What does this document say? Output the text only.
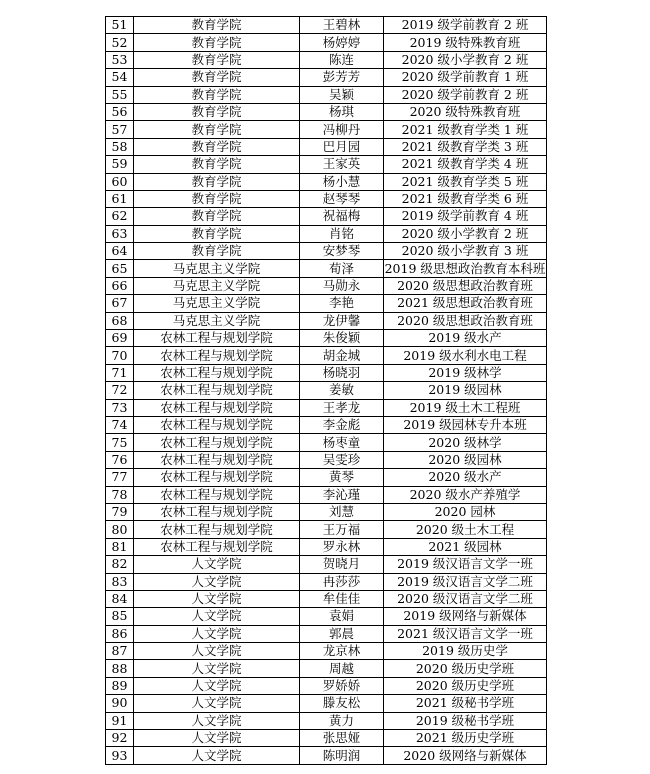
51	教育学院	王碧林	2019 级学前教育 2 班
52	教育学院	杨婷婷	2019 级特殊教育班
53	教育学院	陈连	2020 级小学教育 2 班
54	教育学院	彭芳芳	2020 级学前教育 1 班
55	教育学院	吴颖	2020 级学前教育 2 班
56	教育学院	杨琪	2020 级特殊教育班
57	教育学院	冯柳丹	2021 级教育学类 1 班
58	教育学院	巴月园	2021 级教育学类 3 班
59	教育学院	王家英	2021 级教育学类 4 班
60	教育学院	杨小慧	2021 级教育学类 5 班
61	教育学院	赵琴琴	2021 级教育学类 6 班
62	教育学院	祝福梅	2019 级学前教育 4 班
63	教育学院	肖铭	2020 级小学教育 2 班
64	教育学院	安梦琴	2020 级小学教育 3 班
65	马克思主义学院	荀泽	2019 级思想政治教育本科班
66	马克思主义学院	马勋永	2020 级思想政治教育班
67	马克思主义学院	李艳	2021 级思想政治教育班
68	马克思主义学院	龙伊馨	2020 级思想政治教育班
69	农林工程与规划学院	朱俊颖	2019 级水产
70	农林工程与规划学院	胡金城	2019 级水利水电工程
71	农林工程与规划学院	杨晓羽	2019 级林学
72	农林工程与规划学院	姜敏	2019 级园林
73	农林工程与规划学院	王孝龙	2019 级土木工程班
74	农林工程与规划学院	李金彪	2019 级园林专升本班
75	农林工程与规划学院	杨枣童	2020 级林学
76	农林工程与规划学院	吴雯珍	2020 级园林
77	农林工程与规划学院	黄琴	2020 级水产
78	农林工程与规划学院	李沁瑾	2020 级水产养殖学
79	农林工程与规划学院	刘慧	2020 园林
80	农林工程与规划学院	王万福	2020 级土木工程
81	农林工程与规划学院	罗永林	2021 级园林
82	人文学院	贺晓月	2019 级汉语言文学一班
83	人文学院	冉莎莎	2019 级汉语言文学二班
84	人文学院	牟佳佳	2020 级汉语言文学二班
85	人文学院	袁娟	2019 级网络与新媒体
86	人文学院	郭晨	2021 级汉语言文学一班
87	人文学院	龙京林	2019 级历史学
88	人文学院	周越	2020 级历史学班
89	人文学院	罗娇娇	2020 级历史学班
90	人文学院	滕友松	2021 级秘书学班
91	人文学院	黄力	2019 级秘书学班
92	人文学院	张思娅	2021 级历史学班
93	人文学院	陈明润	2020 级网络与新媒体
